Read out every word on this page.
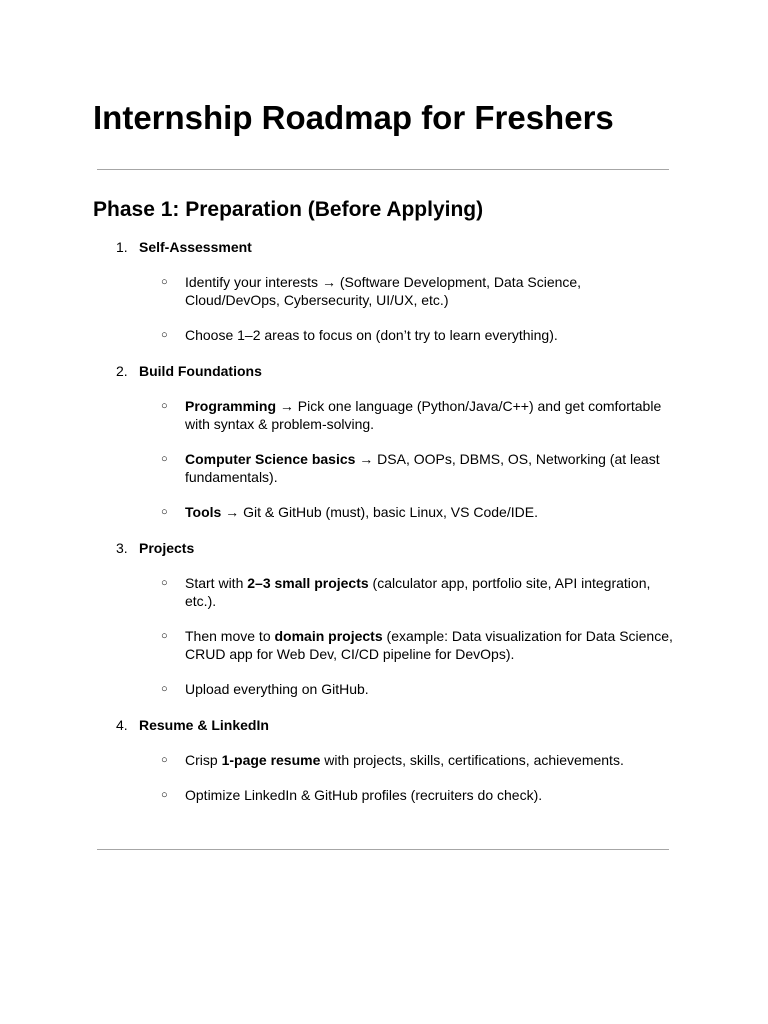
Internship Roadmap for Freshers
Phase 1: Preparation (Before Applying)
1. Self-Assessment
○ Identify your interests → (Software Development, Data Science, Cloud/DevOps, Cybersecurity, UI/UX, etc.)
○ Choose 1–2 areas to focus on (don’t try to learn everything).
2. Build Foundations
○ Programming → Pick one language (Python/Java/C++) and get comfortable with syntax & problem-solving.
○ Computer Science basics → DSA, OOPs, DBMS, OS, Networking (at least fundamentals).
○ Tools → Git & GitHub (must), basic Linux, VS Code/IDE.
3. Projects
○ Start with 2–3 small projects (calculator app, portfolio site, API integration, etc.).
○ Then move to domain projects (example: Data visualization for Data Science, CRUD app for Web Dev, CI/CD pipeline for DevOps).
○ Upload everything on GitHub.
4. Resume & LinkedIn
○ Crisp 1-page resume with projects, skills, certifications, achievements.
○ Optimize LinkedIn & GitHub profiles (recruiters do check).
